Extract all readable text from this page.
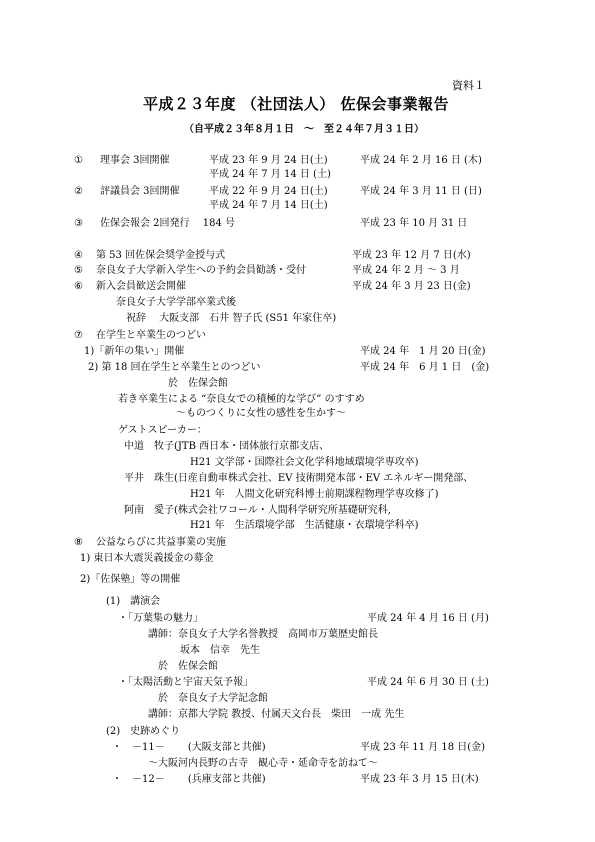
資料１
平成２３年度 （社団法人） 佐保会事業報告
（自平成２３年８月１日　～　至２４年７月３１日）
① 理事会 3回開催	平成 23 年 9 月 24 日(土)	平成 24 年 2 月 16 日 (木)
平成 24 年 7 月 14 日 (土)
② 評議員会 3回開催	平成 22 年 9 月 24 日(土)	平成 24 年 3 月 11 日 (日)
平成 24 年 7 月 14 日(土)
③ 佐保会報会 2回発行　 184 号	平成 23 年 10 月 31 日
④ 第 53 回佐保会奨学金授与式	平成 23 年 12 月 7 日(水)
⑤ 奈良女子大学新入学生への予約会員勧誘・受付	平成 24 年 2 月 ～ 3 月
⑥ 新入会員歓送会開催	平成 24 年 3 月 23 日(金)
奈良女子大学学部卒業式後
祝辞　 大阪支部　石井 智子氏 (S51 年家住卒)
⑦ 在学生と卒業生のつどい
1)「新年の集い」開催	平成 24 年　1 月 20 日(金)
2) 第 18 回在学生と卒業生とのつどい	平成 24 年　6 月 1 日　(金)
於　佐保会館
若き卒業生による “奈良女での積極的な学び” のすすめ
～ものつくりに女性の感性を生かす～
ゲストスピーカー：
中道　牧子(JTB 西日本・団体旅行京都支店、
H21 文学部・国際社会文化学科地域環境学専攻卒)
平井　珠生(日産自動車株式会社、EV 技術開発本部・EV エネルギー開発部、
H21 年　人間文化研究科博士前期課程物理学専攻修了)
阿南　愛子(株式会社ワコール・人間科学研究所基礎研究科,
H21 年　生活環境学部　生活健康・衣環境学科卒)
⑧ 公益ならびに共益事業の実施
1) 東日本大震災義援金の募金
2)「佐保塾」等の開催
(1)　講演会
・「万葉集の魅力」	平成 24 年 4 月 16 日 (月)
講師：奈良女子大学名誉教授　高岡市万葉歴史館長
坂本　信幸　先生
於　佐保会館
・「太陽活動と宇宙天気予報」	平成 24 年 6 月 30 日 (土)
於　奈良女子大学記念館
講師：京都大学院 教授、付属天文台長　柴田　一成 先生
(2)　史跡めぐり
・　－11－　　 (大阪支部と共催)	平成 23 年 11 月 18 日(金)
～大阪河内長野の古寺　観心寺・延命寺を訪ねて～
・　－12－　　 (兵庫支部と共催)	平成 23 年 3 月 15 日(木)
